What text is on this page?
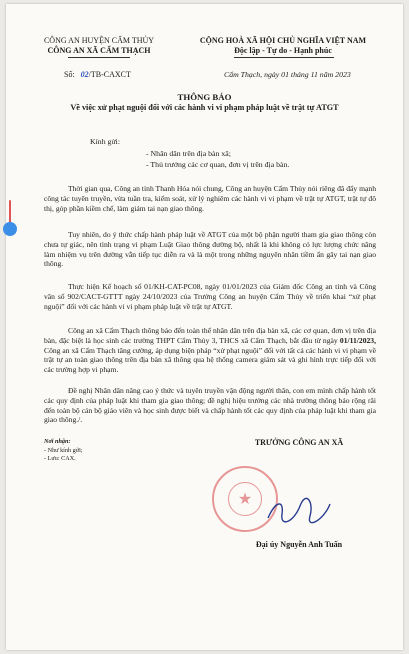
CÔNG AN HUYỆN CẨM THỦY
CÔNG AN XÃ CẨM THẠCH
CỘNG HOÀ XÃ HỘI CHỦ NGHĨA VIỆT NAM
Độc lập - Tự do - Hạnh phúc
Số: 02/TB-CAXCT	Cẩm Thạch, ngày 01 tháng 11 năm 2023
THÔNG BÁO
Về việc xử phạt nguội đối với các hành vi vi phạm pháp luật về trật tự ATGT
Kính gửi:
- Nhân dân trên địa bàn xã;
- Thủ trưởng các cơ quan, đơn vị trên địa bàn.
Thời gian qua, Công an tỉnh Thanh Hóa nói chung, Công an huyện Cẩm Thủy nói riêng đã đẩy mạnh công tác tuyên truyền, vừa tuần tra, kiểm soát, xử lý nghiêm các hành vi vi phạm về trật tự ATGT, trật tự đô thị, góp phần kiềm chế, làm giảm tai nạn giao thông.
Tuy nhiên, do ý thức chấp hành pháp luật về ATGT của một bộ phận người tham gia giao thông còn chưa tự giác, nên tình trạng vi phạm Luật Giao thông đường bộ, nhất là khi không có lực lượng chức năng làm nhiệm vụ trên đường vẫn tiếp tục diễn ra và là một trong những nguyên nhân tiềm ẩn gây tai nạn giao thông.
Thực hiện Kế hoạch số 01/KH-CAT-PC08, ngày 01/01/2023 của Giám đốc Công an tỉnh và Công văn số 902/CACT-GTTT ngày 24/10/2023 của Trưởng Công an huyện Cẩm Thủy về triển khai “xử phạt nguội” đối với các hành vi vi phạm pháp luật về trật tự ATGT.
Công an xã Cẩm Thạch thông báo đến toàn thể nhân dân trên địa bàn xã, các cơ quan, đơn vị trên địa bàn, đặc biệt là học sinh các trường THPT Cẩm Thủy 3, THCS xã Cẩm Thạch, bắt đầu từ ngày 01/11/2023, Công an xã Cẩm Thạch tăng cường, áp dụng biện pháp “xử phạt nguội” đối với tất cả các hành vi vi phạm về trật tự an toàn giao thông trên địa bàn xã thông qua hệ thống camera giám sát và ghi hình trực tiếp đối với các trường hợp vi phạm.
Đề nghị Nhân dân nâng cao ý thức và tuyên truyền vận động người thân, con em mình chấp hành tốt các quy định của pháp luật khi tham gia giao thông; đề nghị hiệu trưởng các nhà trường thông báo rộng rãi đến toàn bộ cán bộ giáo viên và học sinh được biết và chấp hành tốt các quy định của pháp luật khi tham gia giao thông./.
Nơi nhận:
- Như kính gửi;
- Lưu: CAX.
TRƯỞNG CÔNG AN XÃ
★
Đại úy Nguyễn Anh Tuấn
